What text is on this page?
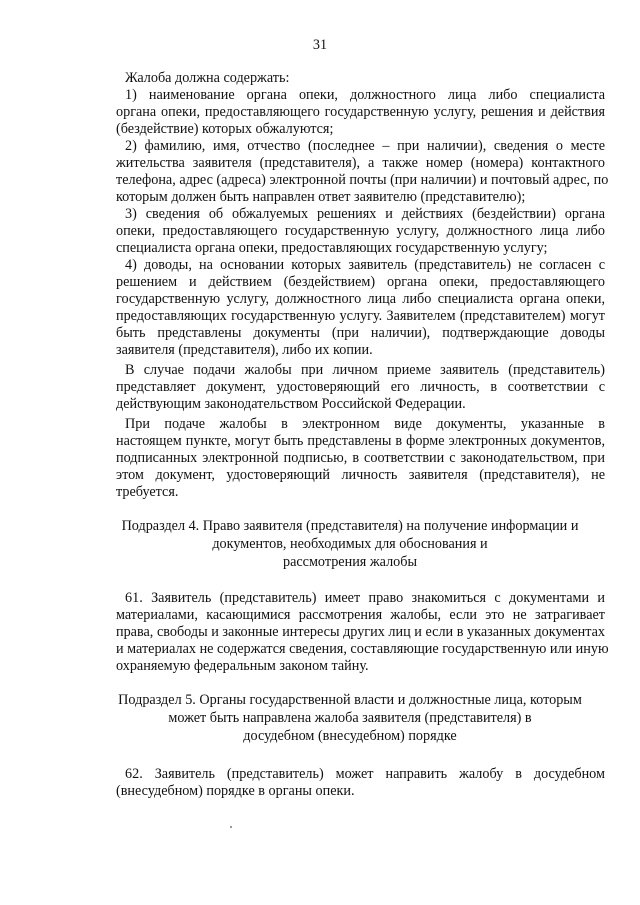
31

Жалоба должна содержать:

1) наименование органа опеки, должностного лица либо специалиста

органа опеки, предоставляющего государственную услугу, решения и действия

(бездействие) которых обжалуются;

2) фамилию, имя, отчество (последнее – при наличии), сведения о месте

жительства заявителя (представителя), а также номер (номера) контактного

телефона, адрес (адреса) электронной почты (при наличии) и почтовый адрес, по

которым должен быть направлен ответ заявителю (представителю);

3) сведения об обжалуемых решениях и действиях (бездействии) органа

опеки, предоставляющего государственную услугу, должностного лица либо

специалиста органа опеки, предоставляющих государственную услугу;

4) доводы, на основании которых заявитель (представитель) не согласен с

решением и действием (бездействием) органа опеки, предоставляющего

государственную услугу, должностного лица либо специалиста органа опеки,

предоставляющих государственную услугу. Заявителем (представителем) могут

быть представлены документы (при наличии), подтверждающие доводы

заявителя (представителя), либо их копии.

В случае подачи жалобы при личном приеме заявитель (представитель)

представляет документ, удостоверяющий его личность, в соответствии с

действующим законодательством Российской Федерации.

При подаче жалобы в электронном виде документы, указанные в

настоящем пункте, могут быть представлены в форме электронных документов,

подписанных электронной подписью, в соответствии с законодательством, при

этом документ, удостоверяющий личность заявителя (представителя), не

требуется.

Подраздел 4. Право заявителя (представителя) на получение информации и

документов, необходимых для обоснования и

рассмотрения жалобы

61. Заявитель (представитель) имеет право знакомиться с документами и

материалами, касающимися рассмотрения жалобы, если это не затрагивает

права, свободы и законные интересы других лиц и если в указанных документах

и материалах не содержатся сведения, составляющие государственную или иную

охраняемую федеральным законом тайну.

Подраздел 5. Органы государственной власти и должностные лица, которым

может быть направлена жалоба заявителя (представителя) в

досудебном (внесудебном) порядке

62. Заявитель (представитель) может направить жалобу в досудебном

(внесудебном) порядке в органы опеки.
